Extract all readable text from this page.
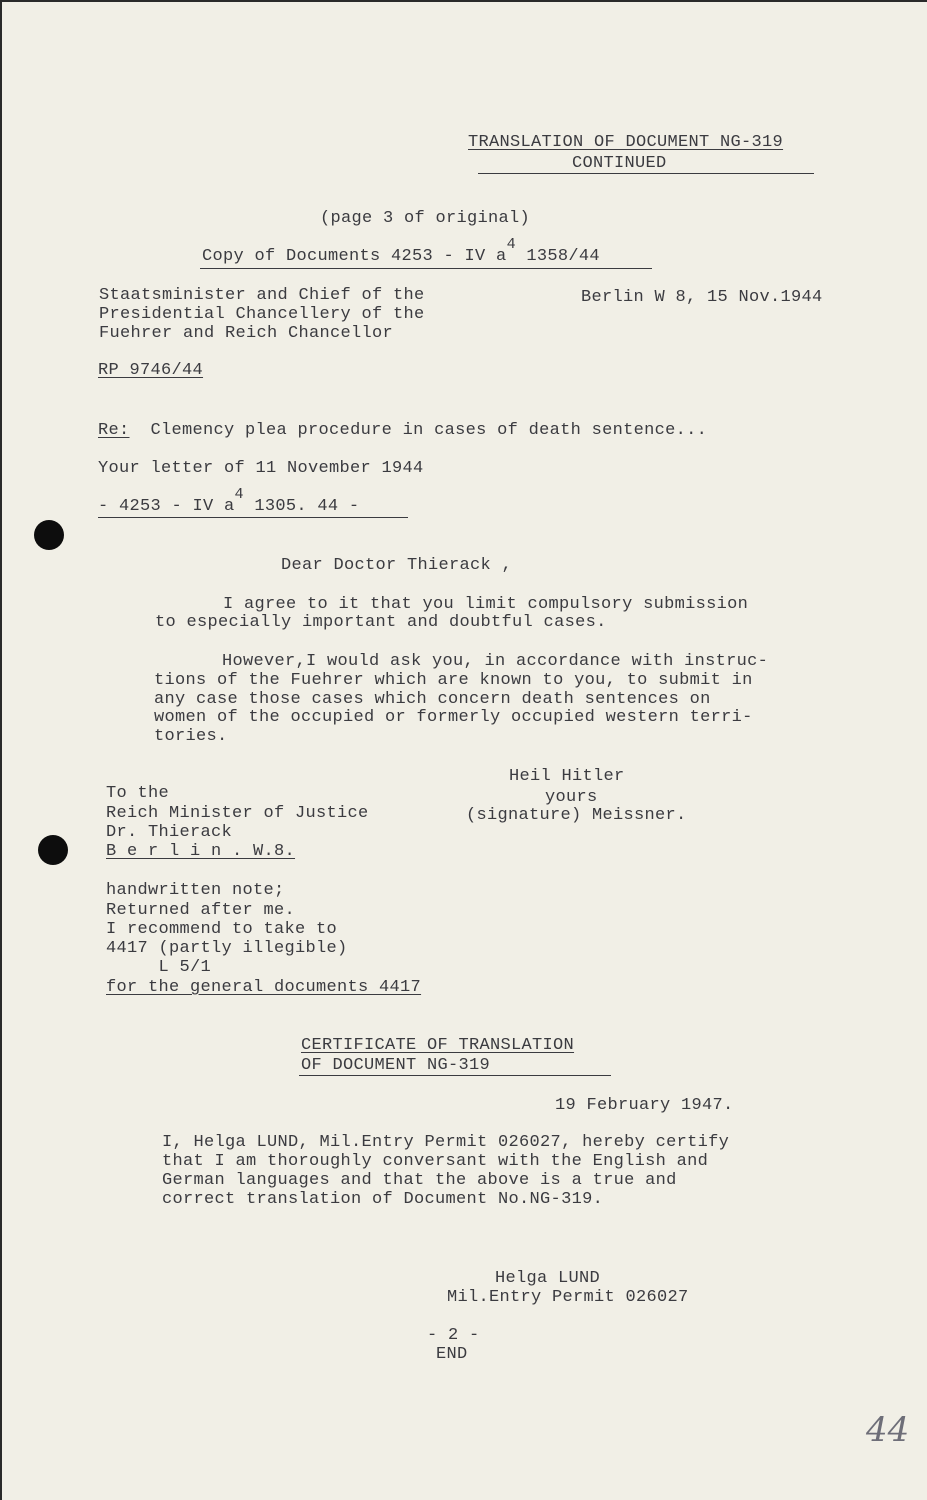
TRANSLATION OF DOCUMENT NG-319
CONTINUED
(page 3 of original)
Copy of Documents 4253 - IV a4 1358/44
Staatsminister and Chief of the
Presidential Chancellery of the
Fuehrer and Reich Chancellor
Berlin W 8, 15 Nov.1944
RP 9746/44
Re: Clemency plea procedure in cases of death sentence...
Your letter of 11 November 1944
- 4253 - IV a4 1305. 44 -
Dear Doctor Thierack ,
I agree to it that you limit compulsory submission
to especially important and doubtful cases.
However,I would ask you, in accordance with instruc-
tions of the Fuehrer which are known to you, to submit in
any case those cases which concern death sentences on
women of the occupied or formerly occupied western terri-
tories.
Heil Hitler
yours
(signature) Meissner.
To the
Reich Minister of Justice
Dr. Thierack
B e r l i n . W.8.
handwritten note;
Returned after me.
I recommend to take to
4417 (partly illegible)
L 5/1
for the general documents 4417
CERTIFICATE OF TRANSLATION
OF DOCUMENT NG-319
19 February 1947.
I, Helga LUND, Mil.Entry Permit 026027, hereby certify
that I am thoroughly conversant with the English and
German languages and that the above is a true and
correct translation of Document No.NG-319.
Helga LUND
Mil.Entry Permit 026027
- 2 -
END
44
